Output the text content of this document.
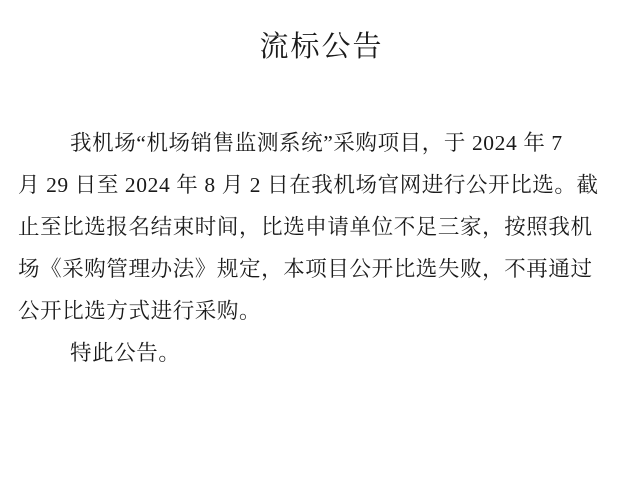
流标公告

我机场“机场销售监测系统”采购项目，于 2024 年 7

月 29 日至 2024 年 8 月 2 日在我机场官网进行公开比选。截

止至比选报名结束时间，比选申请单位不足三家，按照我机

场《采购管理办法》规定，本项目公开比选失败，不再通过

公开比选方式进行采购。

特此公告。
